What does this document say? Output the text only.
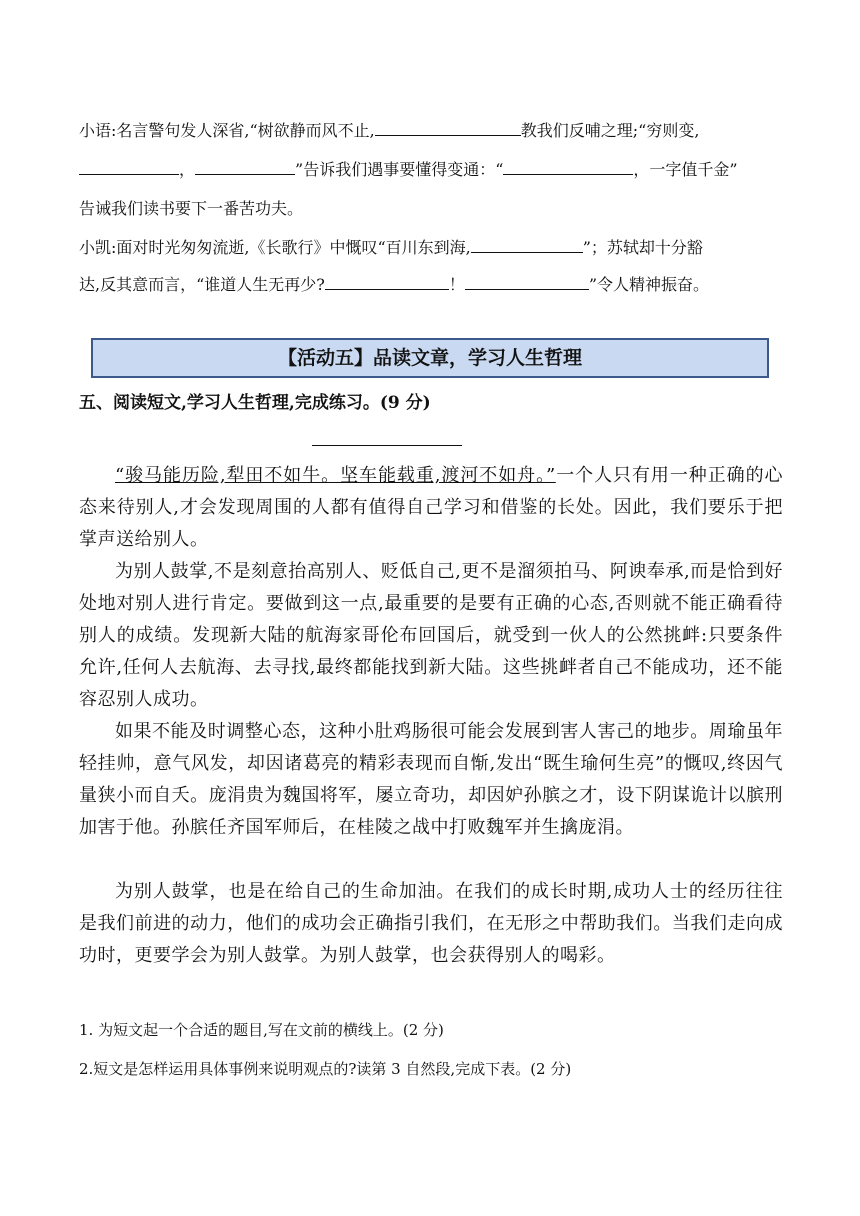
小语:名言警句发人深省,“树欲静而风不止,	教我们反哺之理;“穷则变,
，	”告诉我们遇事要懂得变通：“	，一字值千金”
告诫我们读书要下一番苦功夫。
小凯:面对时光匆匆流逝,《长歌行》中慨叹“百川东到海,	”；苏轼却十分豁
达,反其意而言，“谁道人生无再少?	！	”令人精神振奋。
【活动五】品读文章，学习人生哲理
五、阅读短文,学习人生哲理,完成练习。(9 分)
“骏马能历险,犁田不如牛。坚车能载重,渡河不如舟。”一个人只有用一种正确的心态来待别人,才会发现周围的人都有值得自己学习和借鉴的长处。因此，我们要乐于把掌声送给别人。
为别人鼓掌,不是刻意抬高别人、贬低自己,更不是溜须拍马、阿谀奉承,而是恰到好处地对别人进行肯定。要做到这一点,最重要的是要有正确的心态,否则就不能正确看待别人的成绩。发现新大陆的航海家哥伦布回国后，就受到一伙人的公然挑衅:只要条件允许,任何人去航海、去寻找,最终都能找到新大陆。这些挑衅者自己不能成功，还不能容忍别人成功。
如果不能及时调整心态，这种小肚鸡肠很可能会发展到害人害己的地步。周瑜虽年轻挂帅，意气风发，却因诸葛亮的精彩表现而自惭,发出“既生瑜何生亮”的慨叹,终因气量狭小而自夭。庞涓贵为魏国将军，屡立奇功，却因妒孙膑之才，设下阴谋诡计以膑刑加害于他。孙膑任齐国军师后，在桂陵之战中打败魏军并生擒庞涓。
为别人鼓掌，也是在给自己的生命加油。在我们的成长时期,成功人士的经历往往是我们前进的动力，他们的成功会正确指引我们，在无形之中帮助我们。当我们走向成功时，更要学会为别人鼓掌。为别人鼓掌，也会获得别人的喝彩。
1. 为短文起一个合适的题目,写在文前的横线上。(2 分)
2.短文是怎样运用具体事例来说明观点的?读第 3 自然段,完成下表。(2 分)
